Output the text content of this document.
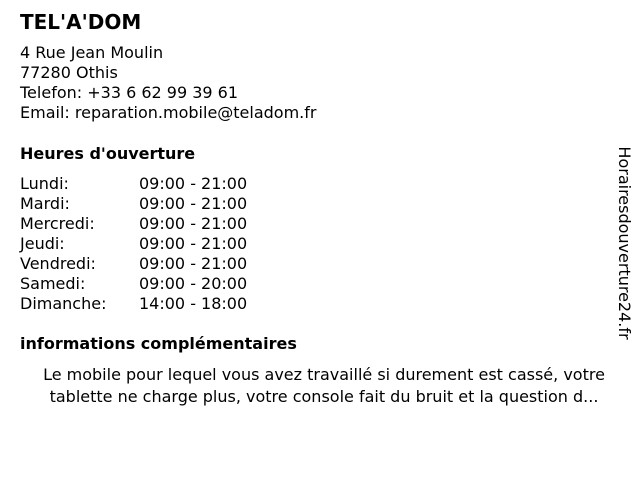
TEL'A'DOM
4 Rue Jean Moulin
77280 Othis
Telefon: +33 6 62 99 39 61
Email: reparation.mobile@teladom.fr
Heures d'ouverture
Lundi:	09:00 - 21:00
Mardi:	09:00 - 21:00
Mercredi:	09:00 - 21:00
Jeudi:	09:00 - 21:00
Vendredi:	09:00 - 21:00
Samedi:	09:00 - 20:00
Dimanche: 14:00 - 18:00
informations complémentaires
Le mobile pour lequel vous avez travaillé si durement est cassé, votre
tablette ne charge plus, votre console fait du bruit et la question d...
Horairesdouverture24.fr
